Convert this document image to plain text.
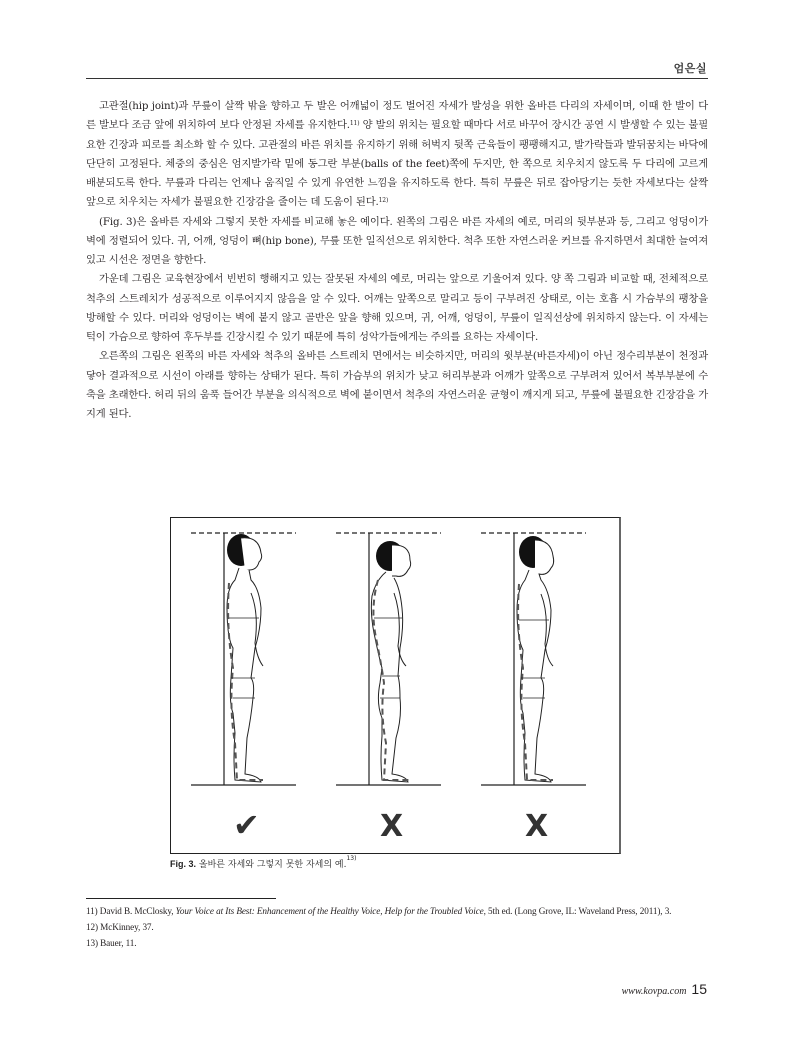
엄은실

고관절(hip joint)과 무릎이 살짝 밖을 향하고 두 발은 어깨넓이 정도 벌어진 자세가 발성을 위한 올바른 다리의 자세이며, 이때 한 발이 다른 발보다 조금 앞에 위치하여 보다 안정된 자세를 유지한다.$^{11)}$ 양 발의 위치는 필요할 때마다 서로 바꾸어 장시간 공연 시 발생할 수 있는 불필요한 긴장과 피로를 최소화 할 수 있다. 고관절의 바른 위치를 유지하기 위해 허벅지 뒷쪽 근육들이 팽팽해지고, 발가락들과 발뒤꿈치는 바닥에 단단히 고정된다. 체중의 중심은 엄지발가락 밑에 동그란 부분(balls of the feet)쪽에 두지만, 한 쪽으로 치우치지 않도록 두 다리에 고르게 배분되도록 한다. 무릎과 다리는 언제나 움직일 수 있게 유연한 느낌을 유지하도록 한다. 특히 무릎은 뒤로 잡아당기는 듯한 자세보다는 살짝 앞으로 치우치는 자세가 불필요한 긴장감을 줄이는 데 도움이 된다.$^{12)}$

(Fig. 3)은 올바른 자세와 그렇지 못한 자세를 비교해 놓은 예이다. 왼쪽의 그림은 바른 자세의 예로, 머리의 뒷부분과 등, 그리고 엉덩이가 벽에 정렬되어 있다. 귀, 어깨, 엉덩이 뼈(hip bone), 무릎 또한 일직선으로 위치한다. 척추 또한 자연스러운 커브를 유지하면서 최대한 늘여져 있고 시선은 정면을 향한다.

가운데 그림은 교육현장에서 빈번히 행해지고 있는 잘못된 자세의 예로, 머리는 앞으로 기울어져 있다. 양 쪽 그림과 비교할 때, 전체적으로 척추의 스트레치가 성공적으로 이루어지지 않음을 알 수 있다. 어깨는 앞쪽으로 말리고 등이 구부려진 상태로, 이는 호흡 시 가슴부의 팽창을 방해할 수 있다. 머리와 엉덩이는 벽에 붙지 않고 골반은 앞을 향해 있으며, 귀, 어깨, 엉덩이, 무릎이 일직선상에 위치하지 않는다. 이 자세는 턱이 가슴으로 향하여 후두부를 긴장시킬 수 있기 때문에 특히 성악가들에게는 주의를 요하는 자세이다.

오른쪽의 그림은 왼쪽의 바른 자세와 척추의 올바른 스트레치 면에서는 비슷하지만, 머리의 윗부분(바른자세)이 아닌 정수리부분이 천정과 닿아 결과적으로 시선이 아래를 향하는 상태가 된다. 특히 가슴부의 위치가 낮고 허리부분과 어깨가 앞쪽으로 구부려져 있어서 복부부분에 수축을 초래한다. 허리 뒤의 움푹 들어간 부분을 의식적으로 벽에 붙이면서 척추의 자연스러운 균형이 깨지게 되고, 무릎에 불필요한 긴장감을 가지게 된다.

✔	X	X
Fig. 3. 올바른 자세와 그렇지 못한 자세의 예.$^{13)}$

11) David B. McClosky, Your Voice at Its Best: Enhancement of the Healthy Voice, Help for the Troubled Voice, 5th ed. (Long Grove, IL: Waveland Press, 2011), 3.

12) McKinney, 37.

13) Bauer, 11.

www.kovpa.com 15
